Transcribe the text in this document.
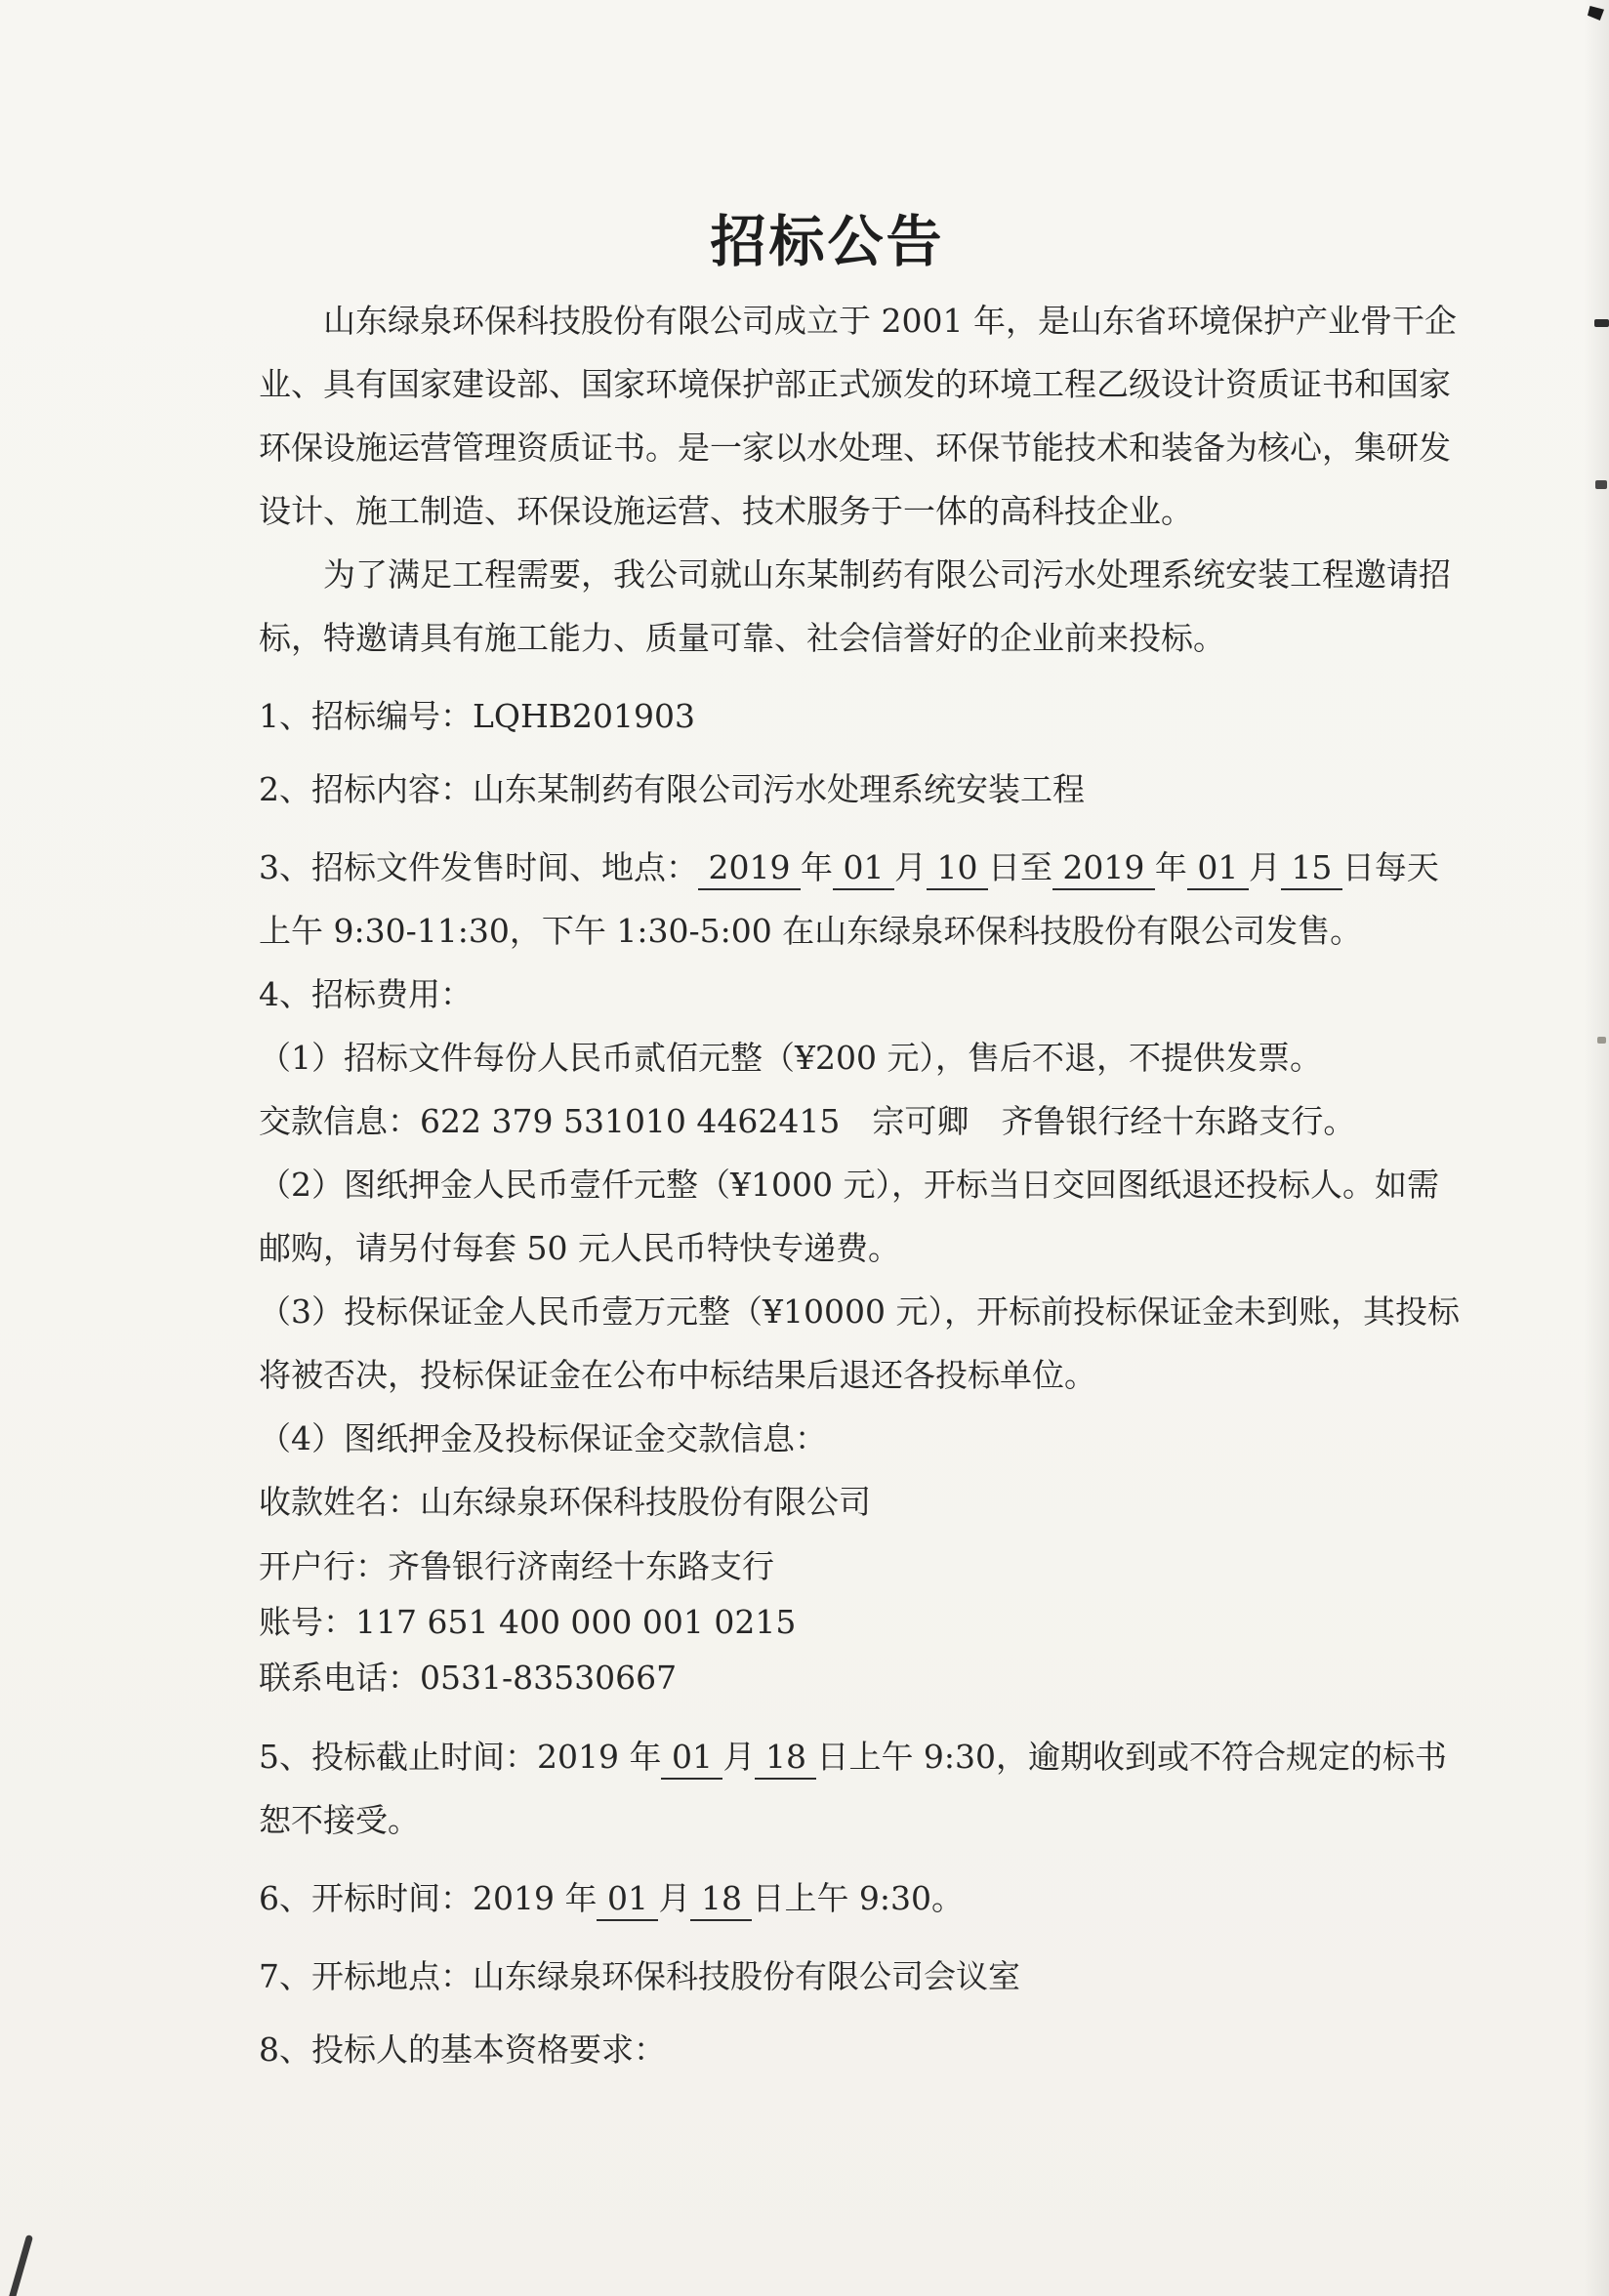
招标公告

山东绿泉环保科技股份有限公司成立于 2001 年，是山东省环境保护产业骨干企业、具有国家建设部、国家环境保护部正式颁发的环境工程乙级设计资质证书和国家环保设施运营管理资质证书。是一家以水处理、环保节能技术和装备为核心，集研发设计、施工制造、环保设施运营、技术服务于一体的高科技企业。

为了满足工程需要，我公司就山东某制药有限公司污水处理系统安装工程邀请招标，特邀请具有施工能力、质量可靠、社会信誉好的企业前来投标。

1、招标编号：LQHB201903

2、招标内容：山东某制药有限公司污水处理系统安装工程

3、招标文件发售时间、地点： 2019 年 01 月 10 日至 2019 年 01 月 15 日每天上午 9:30-11:30，下午 1:30-5:00 在山东绿泉环保科技股份有限公司发售。

4、招标费用：

（1）招标文件每份人民币贰佰元整（¥200 元），售后不退，不提供发票。

交款信息：622 379 531010 4462415　宗可卿　齐鲁银行经十东路支行。

（2）图纸押金人民币壹仟元整（¥1000 元），开标当日交回图纸退还投标人。如需邮购，请另付每套 50 元人民币特快专递费。

（3）投标保证金人民币壹万元整（¥10000 元），开标前投标保证金未到账，其投标将被否决，投标保证金在公布中标结果后退还各投标单位。

（4）图纸押金及投标保证金交款信息：

收款姓名：山东绿泉环保科技股份有限公司

开户行：齐鲁银行济南经十东路支行

账号：117 651 400 000 001 0215

联系电话：0531-83530667

5、投标截止时间：2019 年 01 月 18 日上午 9:30，逾期收到或不符合规定的标书恕不接受。

6、开标时间：2019 年 01 月 18 日上午 9:30。

7、开标地点：山东绿泉环保科技股份有限公司会议室

8、投标人的基本资格要求：
